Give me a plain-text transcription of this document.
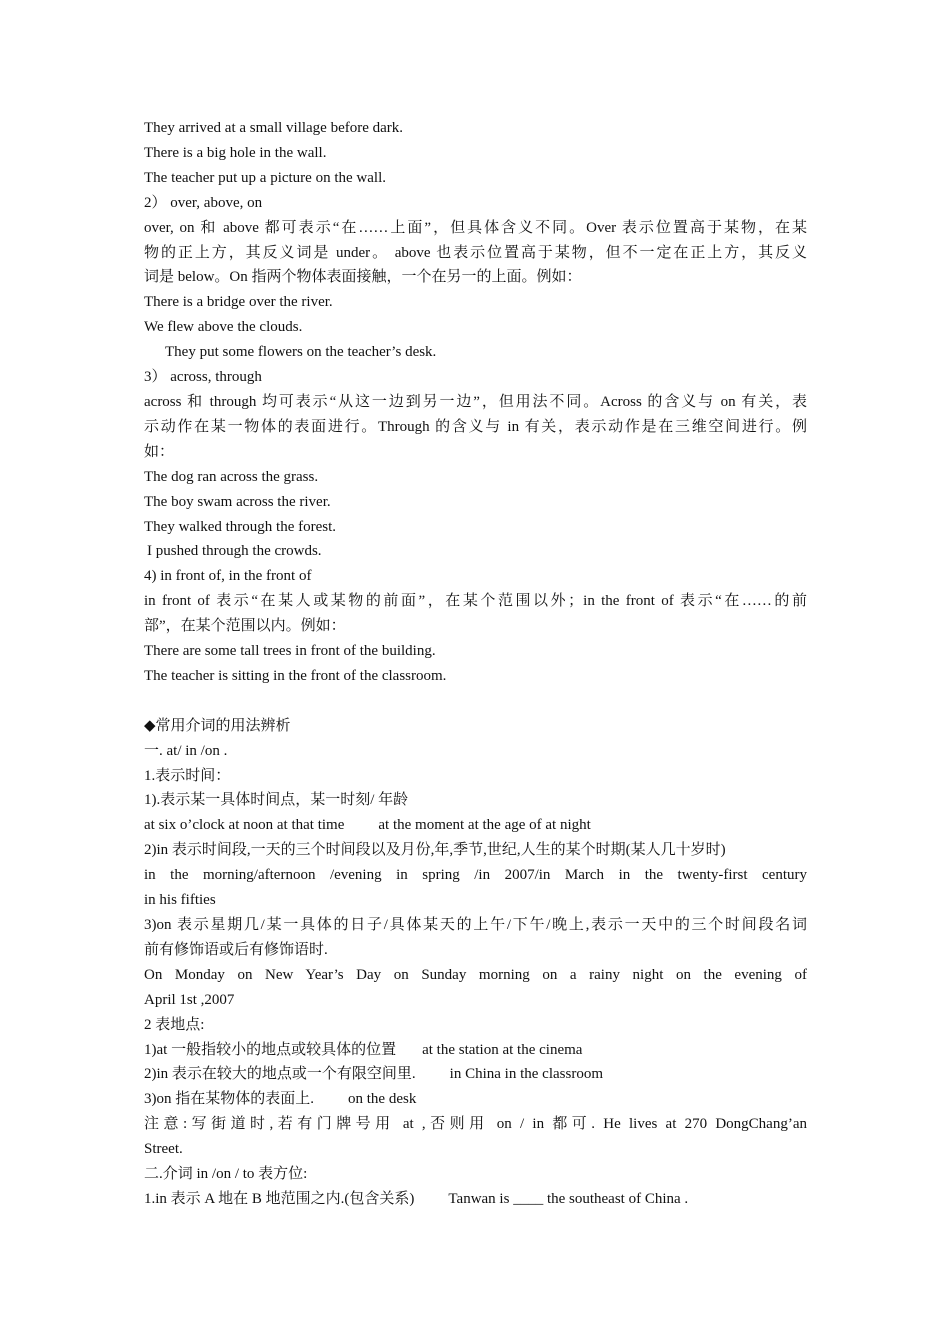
They arrived at a small village before dark.
There is a big hole in the wall.
The teacher put up a picture on the wall.
2） over, above, on
over, on 和 above 都可表示“在……上面”，但具体含义不同。Over 表示位置高于某物，在某
物的正上方，其反义词是 under。 above 也表示位置高于某物，但不一定在正上方，其反义
词是 below。On 指两个物体表面接触，一个在另一的上面。例如：
There is a bridge over the river.
We flew above the clouds.
They put some flowers on the teacher’s desk.
3） across, through
across 和 through 均可表示“从这一边到另一边”，但用法不同。Across 的含义与 on 有关，表
示动作在某一物体的表面进行。Through 的含义与 in 有关，表示动作是在三维空间进行。例
如：
The dog ran across the grass.
The boy swam across the river.
They walked through the forest.
I pushed through the crowds.
4) in front of, in the front of
in front of 表示“在某人或某物的前面”，在某个范围以外；in the front of 表示“在……的前
部”，在某个范围以内。例如：
There are some tall trees in front of the building.
The teacher is sitting in the front of the classroom.
◆常用介词的用法辨析
一. at/ in /on .
1.表示时间：
1).表示某一具体时间点，某一时刻/ 年龄
at six o’clock at noon at that time at the moment at the age of at night
2)in 表示时间段,一天的三个时间段以及月份,年,季节,世纪,人生的某个时期(某人几十岁时)
in the morning/afternoon /evening in spring /in 2007/in March in the twenty-first century
in his fifties
3)on 表示星期几/某一具体的日子/具体某天的上午/下午/晚上,表示一天中的三个时间段名词
前有修饰语或后有修饰语时.
On Monday on New Year’s Day on Sunday morning on a rainy night on the evening of
April 1st ,2007
2 表地点:
1)at 一般指较小的地点或较具体的位置 at the station at the cinema
2)in 表示在较大的地点或一个有限空间里. in China in the classroom
3)on 指在某物体的表面上. on the desk
注意:写街道时,若有门牌号用 at ,否则用 on / in 都可. He lives at 270 DongChang’an
Street.
二.介词 in /on / to 表方位:
1.in 表示 A 地在 B 地范围之内.(包含关系) Tanwan is ____ the southeast of China .
